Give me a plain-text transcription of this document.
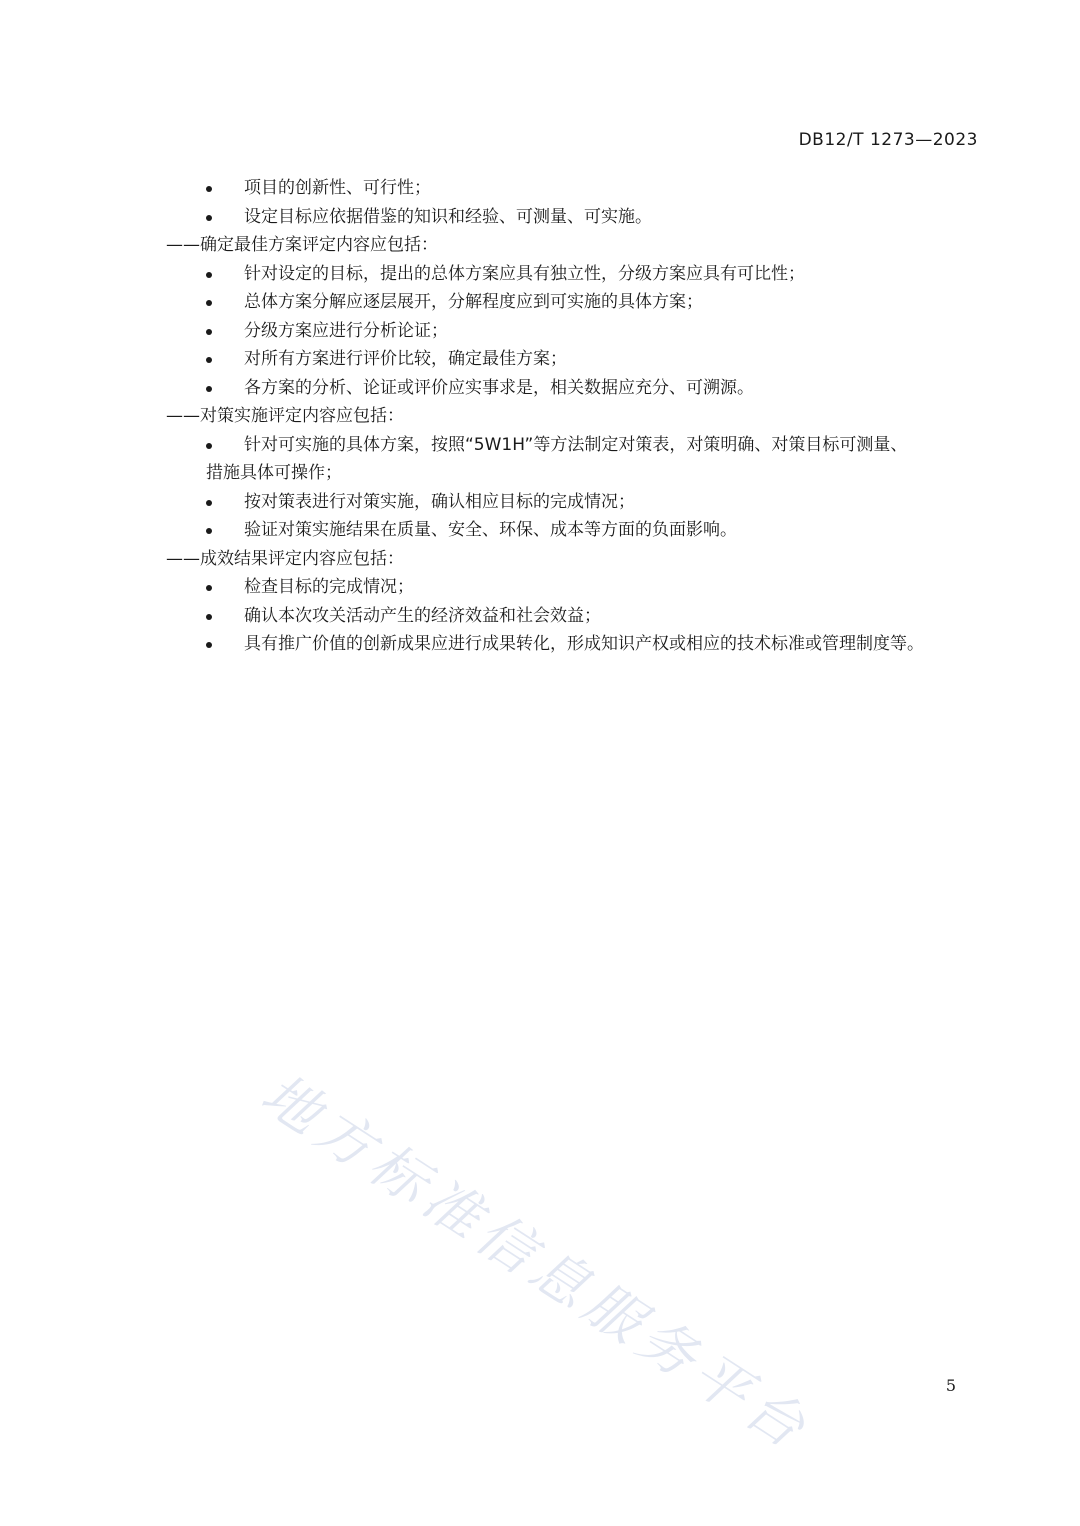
DB12/T 1273—2023
项目的创新性、可行性；
设定目标应依据借鉴的知识和经验、可测量、可实施。
——确定最佳方案评定内容应包括：
针对设定的目标，提出的总体方案应具有独立性，分级方案应具有可比性；
总体方案分解应逐层展开，分解程度应到可实施的具体方案；
分级方案应进行分析论证；
对所有方案进行评价比较，确定最佳方案；
各方案的分析、论证或评价应实事求是，相关数据应充分、可溯源。
——对策实施评定内容应包括：
针对可实施的具体方案，按照“5W1H”等方法制定对策表，对策明确、对策目标可测量、
措施具体可操作；
按对策表进行对策实施，确认相应目标的完成情况；
验证对策实施结果在质量、安全、环保、成本等方面的负面影响。
——成效结果评定内容应包括：
检查目标的完成情况；
确认本次攻关活动产生的经济效益和社会效益；
具有推广价值的创新成果应进行成果转化，形成知识产权或相应的技术标准或管理制度等。
地方标准信息服务平台	5
